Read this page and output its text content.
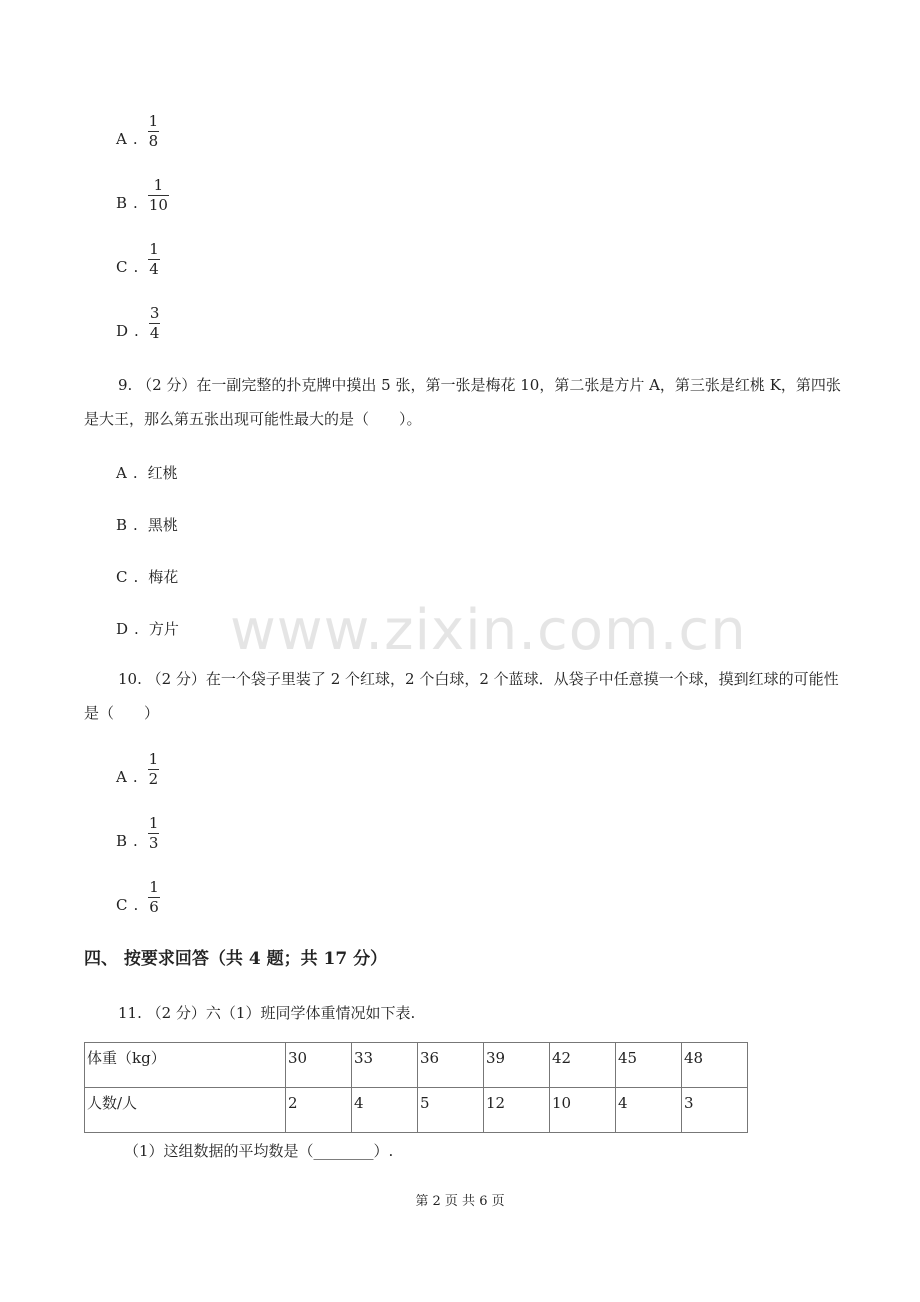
A . $\frac{1}{8}$
B . $\frac{1}{10}$
C . $\frac{1}{4}$
D . $\frac{3}{4}$
9. （2 分）在一副完整的扑克牌中摸出 5 张，第一张是梅花 10，第二张是方片 A，第三张是红桃 K，第四张是大王，那么第五张出现可能性最大的是（　　）。
A . 红桃
B . 黑桃
C . 梅花
D . 方片 www.zixin.com.cn
10. （2 分）在一个袋子里装了 2 个红球，2 个白球，2 个蓝球．从袋子中任意摸一个球，摸到红球的可能性是（　　）
A . $\frac{1}{2}$
B . $\frac{1}{3}$
C . $\frac{1}{6}$
四、 按要求回答（共 4 题；共 17 分）
11. （2 分）六（1）班同学体重情况如下表.
体重（kg）	30	33	36	39	42	45	48
人数/人	2	4	5	12	10	4	3
（1）这组数据的平均数是（________）.
第 2 页 共 6 页
